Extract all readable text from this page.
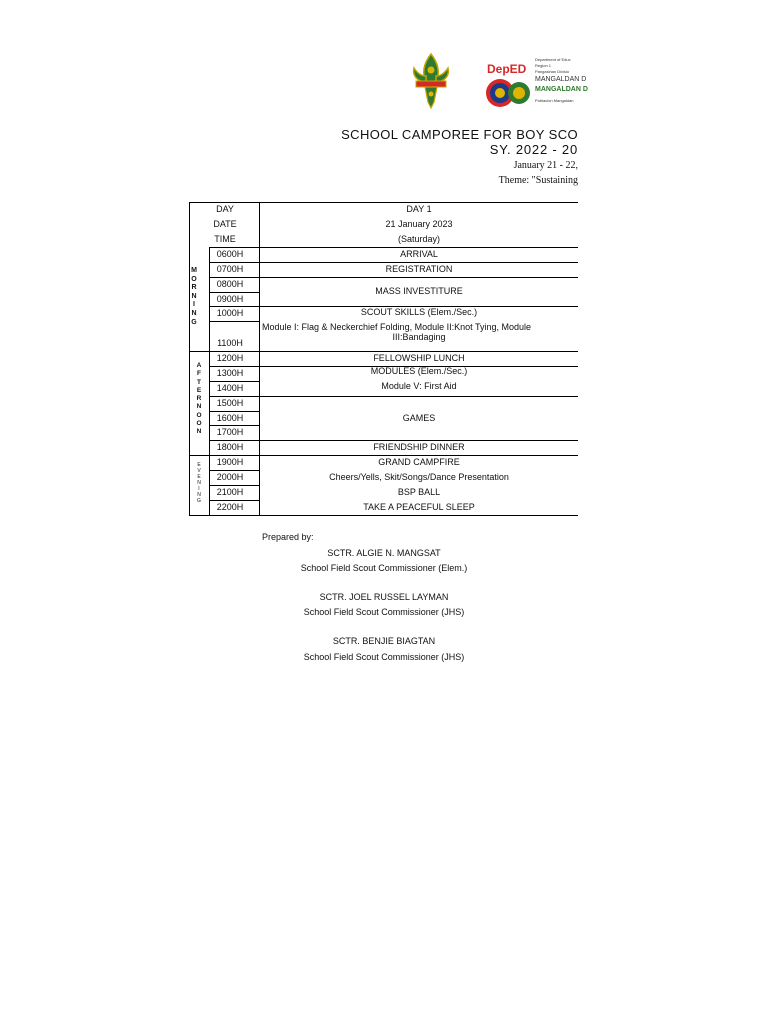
DepED
Department of Educ
Region 1
Pangasinan Divisio
MANGALDAN D
MANGALDAN D
Poblacion Mangaldan
SCHOOL CAMPOREE FOR BOY SCO
SY. 2022 - 20
January 21 - 22,
Theme: "Sustaining
DAY
DATE
TIME
DAY 1
21 January 2023
(Saturday)
M O R N I N G
A F T E R N O O N
E V E N I N G
0600H
0700H
0800H
0900H
1000H
1100H
1200H
1300H
1400H
1500H
1600H
1700H
1800H
1900H
2000H
2100H
2200H
ARRIVAL
REGISTRATION
MASS INVESTITURE
SCOUT SKILLS (Elem./Sec.)
Module I: Flag & Neckerchief Folding, Module II:Knot Tying, Module
III:Bandaging
FELLOWSHIP LUNCH
MODULES (Elem./Sec.)
Module V: First Aid
GAMES
FRIENDSHIP DINNER
GRAND CAMPFIRE
Cheers/Yells, Skit/Songs/Dance Presentation
BSP BALL
TAKE A PEACEFUL SLEEP
Prepared by:
SCTR. ALGIE N. MANGSAT
School Field Scout Commissioner (Elem.)
SCTR. JOEL RUSSEL LAYMAN
School Field Scout Commissioner (JHS)
SCTR. BENJIE BIAGTAN
School Field Scout Commissioner (JHS)
